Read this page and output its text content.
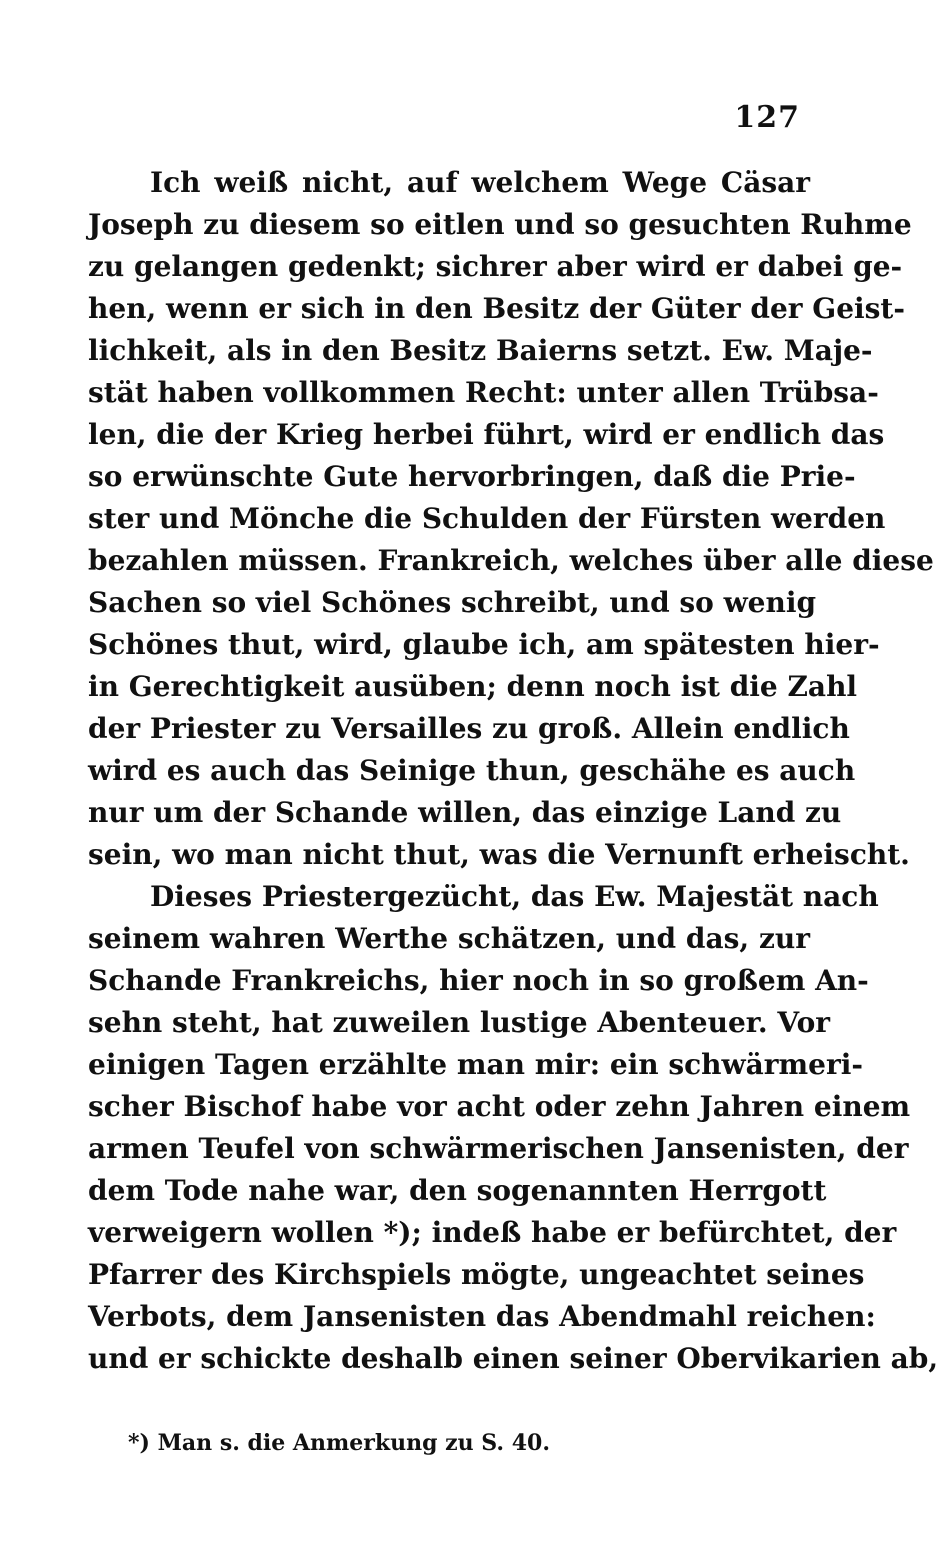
127
Ich weiß nicht, auf welchem Wege Cäsar
Joseph zu diesem so eitlen und so gesuchten Ruhme
zu gelangen gedenkt; sichrer aber wird er dabei ge-
hen, wenn er sich in den Besitz der Güter der Geist-
lichkeit, als in den Besitz Baierns setzt. Ew. Maje-
stät haben vollkommen Recht: unter allen Trübsa-
len, die der Krieg herbei führt, wird er endlich das
so erwünschte Gute hervorbringen, daß die Prie-
ster und Mönche die Schulden der Fürsten werden
bezahlen müssen. Frankreich, welches über alle diese
Sachen so viel Schönes schreibt, und so wenig
Schönes thut, wird, glaube ich, am spätesten hier-
in Gerechtigkeit ausüben; denn noch ist die Zahl
der Priester zu Versailles zu groß. Allein endlich
wird es auch das Seinige thun, geschähe es auch
nur um der Schande willen, das einzige Land zu
sein, wo man nicht thut, was die Vernunft erheischt.
Dieses Priestergezücht, das Ew. Majestät nach
seinem wahren Werthe schätzen, und das, zur
Schande Frankreichs, hier noch in so großem An-
sehn steht, hat zuweilen lustige Abenteuer. Vor
einigen Tagen erzählte man mir: ein schwärmeri-
scher Bischof habe vor acht oder zehn Jahren einem
armen Teufel von schwärmerischen Jansenisten, der
dem Tode nahe war, den sogenannten Herrgott
verweigern wollen *); indeß habe er befürchtet, der
Pfarrer des Kirchspiels mögte, ungeachtet seines
Verbots, dem Jansenisten das Abendmahl reichen:
und er schickte deshalb einen seiner Obervikarien ab,
*) Man s. die Anmerkung zu S. 40.
